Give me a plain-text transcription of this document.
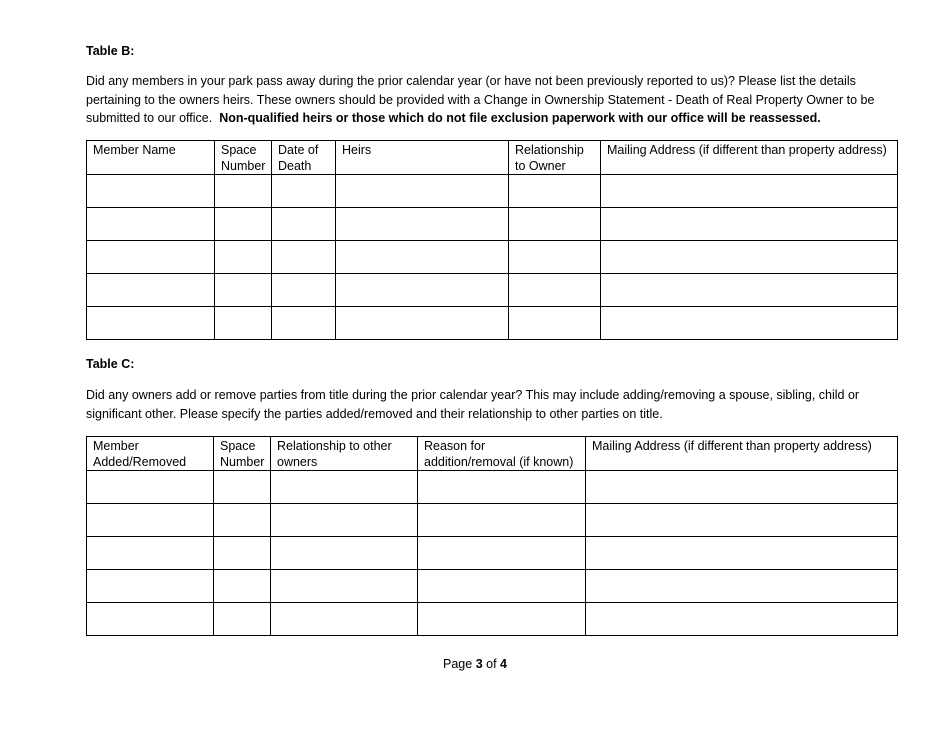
Table B:
Did any members in your park pass away during the prior calendar year (or have not been previously reported to us)? Please list the details
pertaining to the owners heirs. These owners should be provided with a Change in Ownership Statement - Death of Real Property Owner to be
submitted to our office.  Non-qualified heirs or those which do not file exclusion paperwork with our office will be reassessed.
Member Name	Space Number	Date of Death	Heirs	Relationship to Owner	Mailing Address (if different than property address)

Table C:
Did any owners add or remove parties from title during the prior calendar year? This may include adding/removing a spouse, sibling, child or
significant other. Please specify the parties added/removed and their relationship to other parties on title.
Member Added/Removed	Space Number	Relationship to other owners	Reason for addition/removal (if known)	Mailing Address (if different than property address)

Page 3 of 4
